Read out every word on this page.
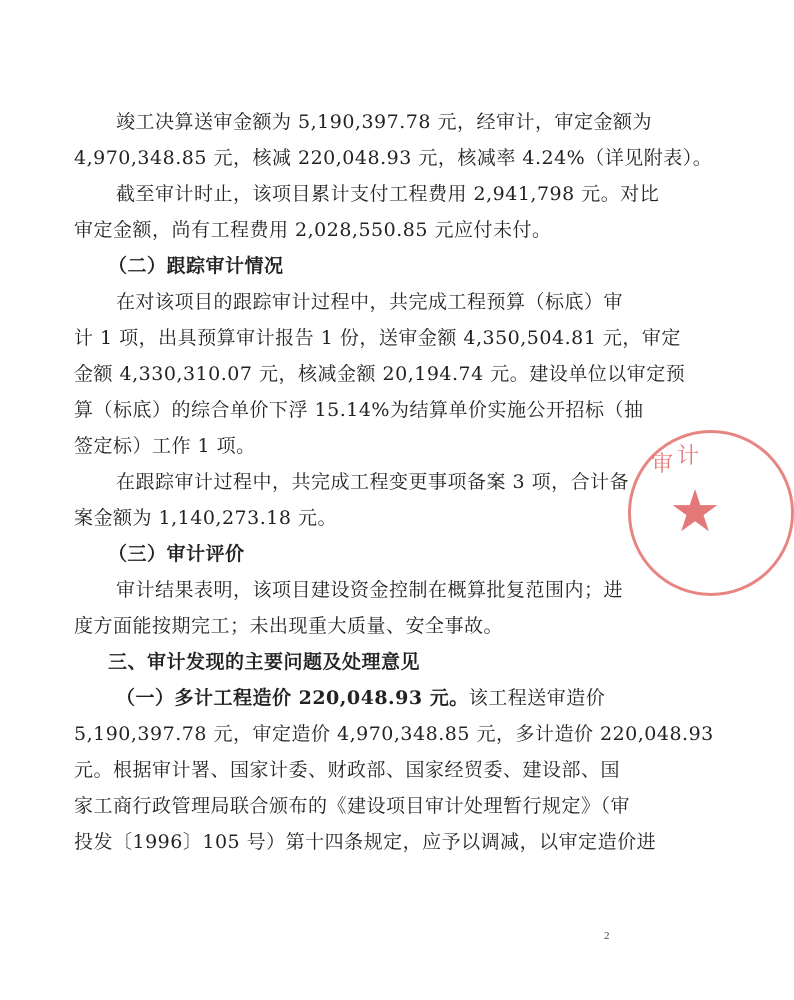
竣工决算送审金额为 5,190,397.78 元，经审计，审定金额为
4,970,348.85 元，核减 220,048.93 元，核减率 4.24%（详见附表）。
截至审计时止，该项目累计支付工程费用 2,941,798 元。对比
审定金额，尚有工程费用 2,028,550.85 元应付未付。
（二）跟踪审计情况
在对该项目的跟踪审计过程中，共完成工程预算（标底）审
计 1 项，出具预算审计报告 1 份，送审金额 4,350,504.81 元，审定
金额 4,330,310.07 元，核减金额 20,194.74 元。建设单位以审定预
算（标底）的综合单价下浮 15.14%为结算单价实施公开招标（抽
签定标）工作 1 项。
在跟踪审计过程中，共完成工程变更事项备案 3 项，合计备
案金额为 1,140,273.18 元。
（三）审计评价
审计结果表明，该项目建设资金控制在概算批复范围内；进
度方面能按期完工；未出现重大质量、安全事故。
三、审计发现的主要问题及处理意见
（一）多计工程造价 220,048.93 元。该工程送审造价
5,190,397.78 元，审定造价 4,970,348.85 元，多计造价 220,048.93
元。根据审计署、国家计委、财政部、国家经贸委、建设部、国
家工商行政管理局联合颁布的《建设项目审计处理暂行规定》（审
投发〔1996〕105 号）第十四条规定，应予以调减，以审定造价进
2
审 计
★
